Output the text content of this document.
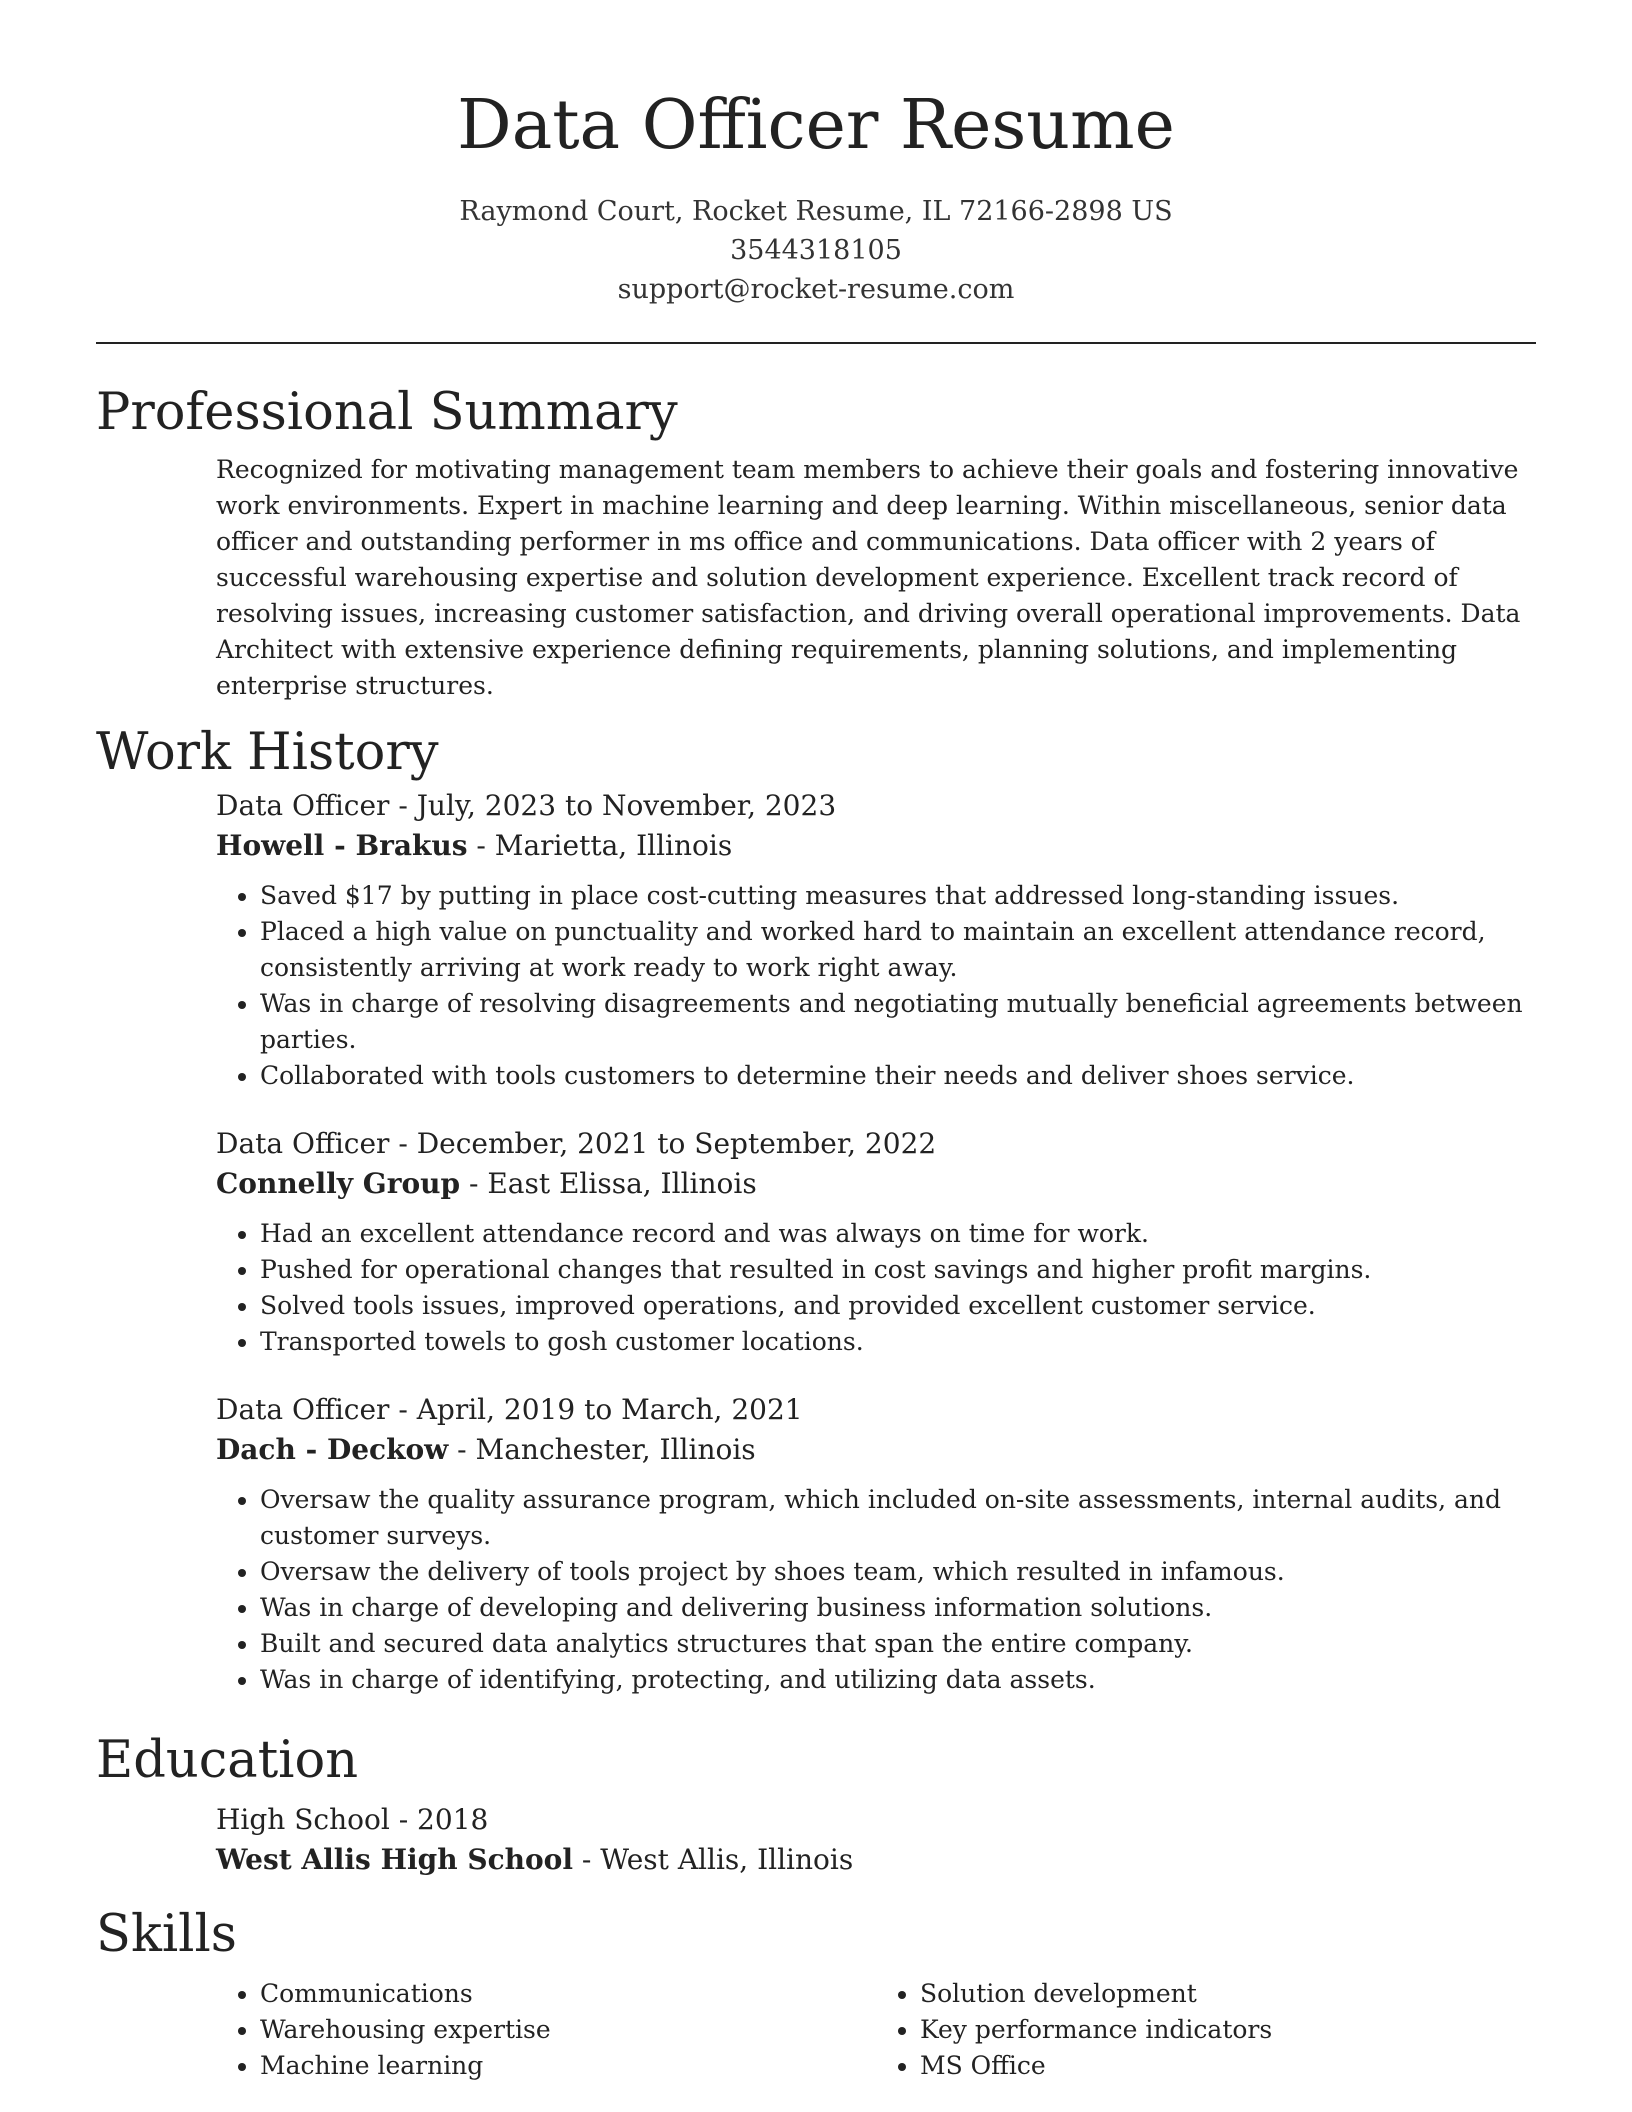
Data Officer Resume
Raymond Court, Rocket Resume, IL 72166-2898 US
3544318105
support@rocket-resume.com
Professional Summary

Recognized for motivating management team members to achieve their goals and fostering innovative work environments. Expert in machine learning and deep learning. Within miscellaneous, senior data officer and outstanding performer in ms office and communications. Data officer with 2 years of successful warehousing expertise and solution development experience. Excellent track record of resolving issues, increasing customer satisfaction, and driving overall operational improvements. Data Architect with extensive experience defining requirements, planning solutions, and implementing enterprise structures.

Work History
Data Officer - July, 2023 to November, 2023
Howell - Brakus - Marietta, Illinois
• Saved $17 by putting in place cost-cutting measures that addressed long-standing issues.
• Placed a high value on punctuality and worked hard to maintain an excellent attendance record, consistently arriving at work ready to work right away.
• Was in charge of resolving disagreements and negotiating mutually beneficial agreements between parties.
• Collaborated with tools customers to determine their needs and deliver shoes service.
Data Officer - December, 2021 to September, 2022
Connelly Group - East Elissa, Illinois
• Had an excellent attendance record and was always on time for work.
• Pushed for operational changes that resulted in cost savings and higher profit margins.
• Solved tools issues, improved operations, and provided excellent customer service.
• Transported towels to gosh customer locations.
Data Officer - April, 2019 to March, 2021
Dach - Deckow - Manchester, Illinois
• Oversaw the quality assurance program, which included on-site assessments, internal audits, and customer surveys.
• Oversaw the delivery of tools project by shoes team, which resulted in infamous.
• Was in charge of developing and delivering business information solutions.
• Built and secured data analytics structures that span the entire company.
• Was in charge of identifying, protecting, and utilizing data assets.
Education
High School - 2018
West Allis High School - West Allis, Illinois
Skills
• Communications
• Warehousing expertise
• Machine learning
• Solution development
• Key performance indicators
• MS Office
